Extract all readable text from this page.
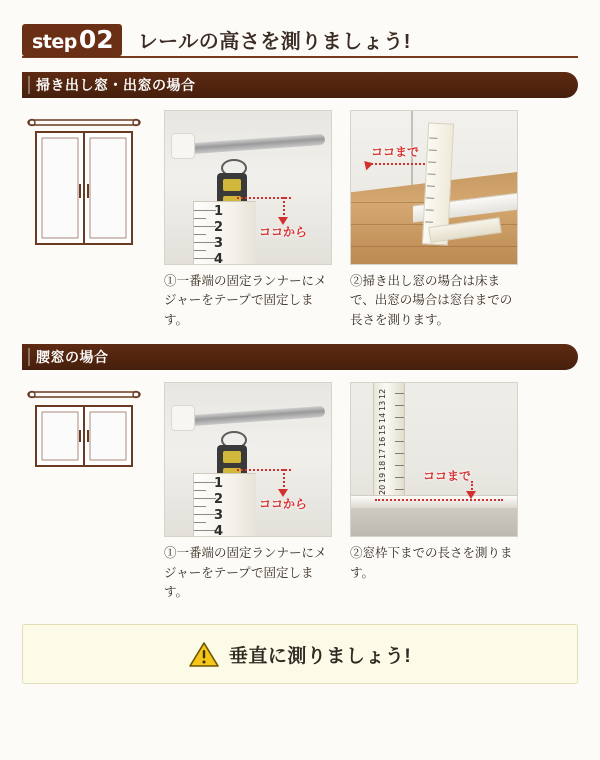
step 02 レールの高さを測りましょう!
掃き出し窓・出窓の場合
1
2
3
4
ココから
①一番端の固定ランナーにメジャーをテープで固定します。
ココまで
②掃き出し窓の場合は床まで、出窓の場合は窓台までの長さを測ります。
腰窓の場合
1
2
3
4
ココから
①一番端の固定ランナーにメジャーをテープで固定します。
12
13
14
15
16
17
18
19
20
ココまで
②窓枠下までの長さを測ります。
垂直に測りましょう!
